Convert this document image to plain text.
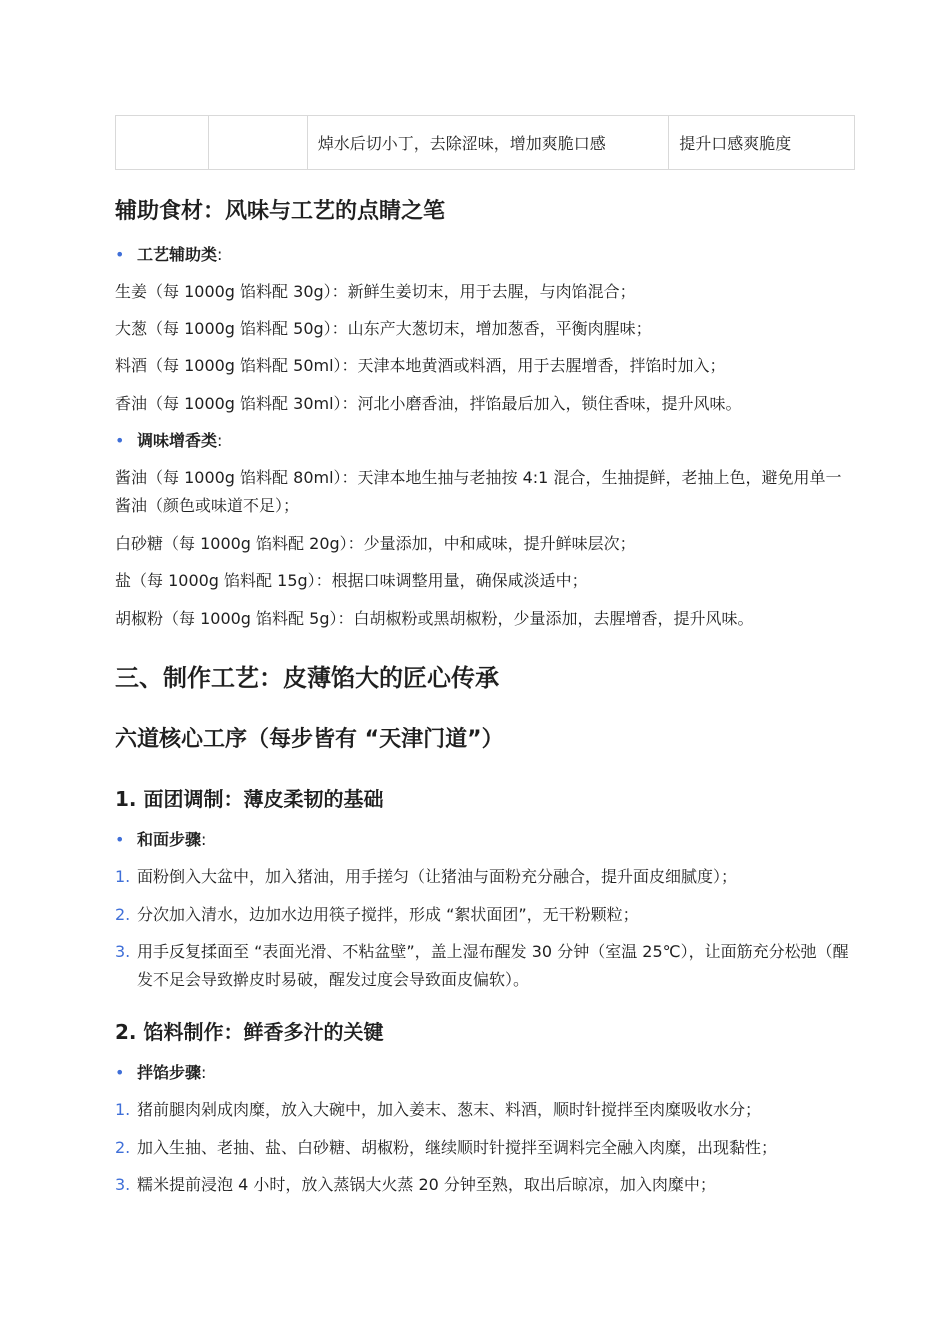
		焯水后切小丁，去除涩味，增加爽脆口感	提升口感爽脆度
辅助食材：风味与工艺的点睛之笔
• 工艺辅助类:

生姜（每 1000g 馅料配 30g）：新鲜生姜切末，用于去腥，与肉馅混合；

大葱（每 1000g 馅料配 50g）：山东产大葱切末，增加葱香，平衡肉腥味；

料酒（每 1000g 馅料配 50ml）：天津本地黄酒或料酒，用于去腥增香，拌馅时加入；

香油（每 1000g 馅料配 30ml）：河北小磨香油，拌馅最后加入，锁住香味，提升风味。

• 调味增香类:

酱油（每 1000g 馅料配 80ml）：天津本地生抽与老抽按 4:1 混合，生抽提鲜，老抽上色，避免用单一酱油（颜色或味道不足）；

白砂糖（每 1000g 馅料配 20g）：少量添加，中和咸味，提升鲜味层次；

盐（每 1000g 馅料配 15g）：根据口味调整用量，确保咸淡适中；

胡椒粉（每 1000g 馅料配 5g）：白胡椒粉或黑胡椒粉，少量添加，去腥增香，提升风味。

三、制作工艺：皮薄馅大的匠心传承
六道核心工序（每步皆有 “天津门道”）
1. 面团调制：薄皮柔韧的基础
• 和面步骤:
1. 面粉倒入大盆中，加入猪油，用手搓匀（让猪油与面粉充分融合，提升面皮细腻度）；
2. 分次加入清水，边加水边用筷子搅拌，形成 “絮状面团”，无干粉颗粒；
3. 用手反复揉面至 “表面光滑、不粘盆壁”，盖上湿布醒发 30 分钟（室温 25℃），让面筋充分松弛（醒发不足会导致擀皮时易破，醒发过度会导致面皮偏软）。
2. 馅料制作：鲜香多汁的关键
• 拌馅步骤:
1. 猪前腿肉剁成肉糜，放入大碗中，加入姜末、葱末、料酒，顺时针搅拌至肉糜吸收水分；
2. 加入生抽、老抽、盐、白砂糖、胡椒粉，继续顺时针搅拌至调料完全融入肉糜，出现黏性；
3. 糯米提前浸泡 4 小时，放入蒸锅大火蒸 20 分钟至熟，取出后晾凉，加入肉糜中；
